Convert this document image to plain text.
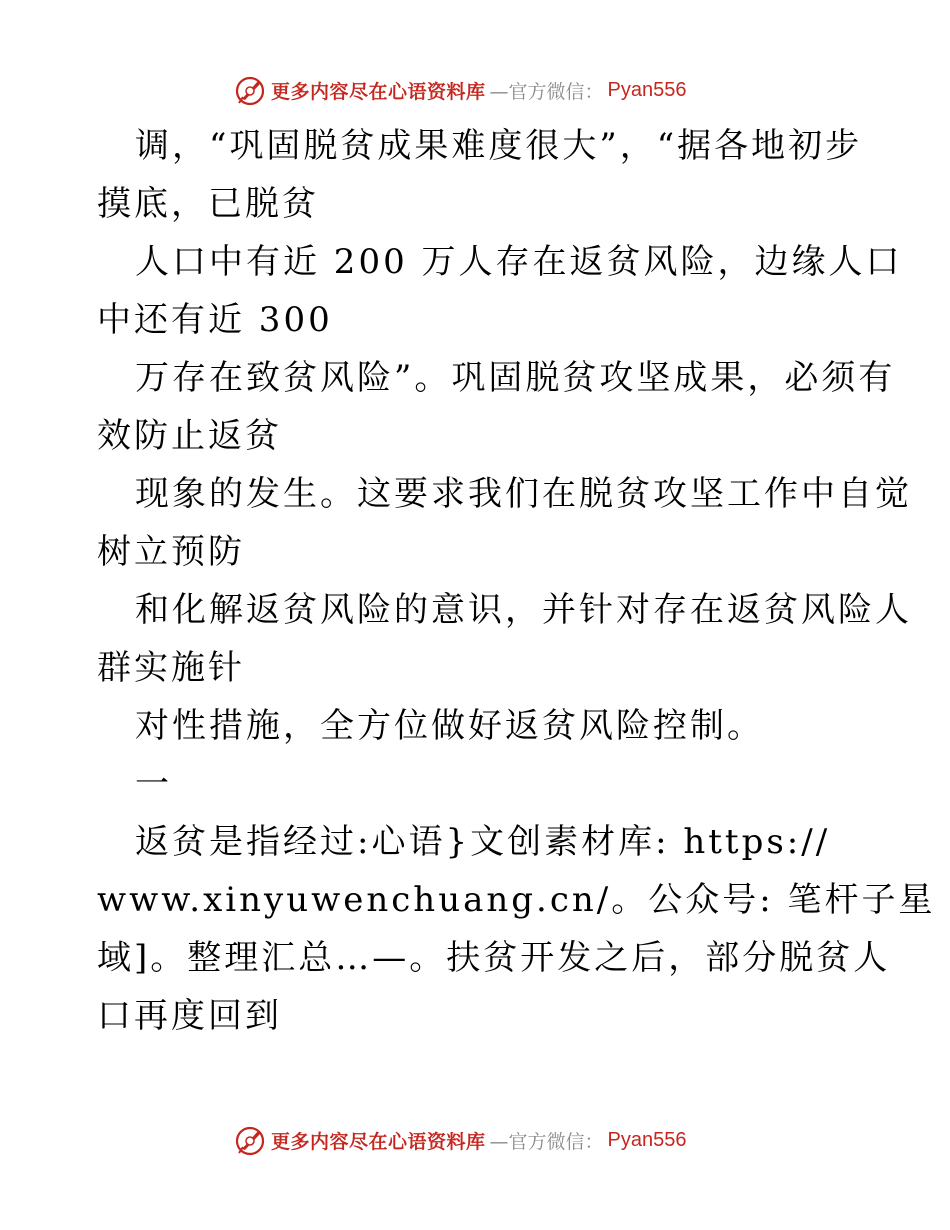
更多内容尽在心语资料库 —官方微信： Pyan556
调，“巩固脱贫成果难度很大”，“据各地初步
摸底，已脱贫
人口中有近 200 万人存在返贫风险，边缘人口
中还有近 300
万存在致贫风险”。巩固脱贫攻坚成果，必须有
效防止返贫
现象的发生。这要求我们在脱贫攻坚工作中自觉
树立预防
和化解返贫风险的意识，并针对存在返贫风险人
群实施针
对性措施，全方位做好返贫风险控制。
一
返贫是指经过:心语}文创素材库: https://
www.xinyuwenchuang.cn/。公众号: 笔杆子星
域]。整理汇总…—。扶贫开发之后，部分脱贫人
口再度回到
更多内容尽在心语资料库 —官方微信： Pyan556
